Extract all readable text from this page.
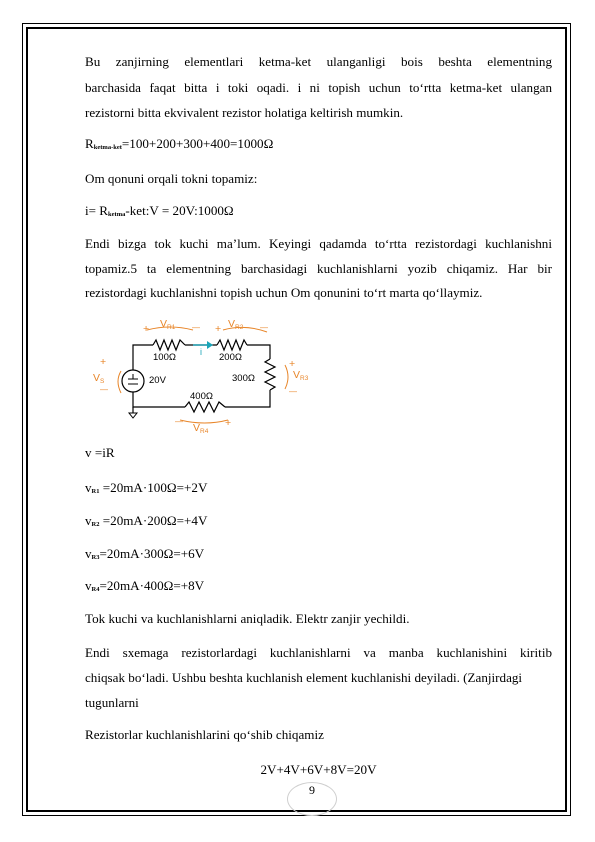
Bu zanjirning elementlari ketma-ket ulanganligi bois beshta elementning
barchasida faqat bitta i toki oqadi. i ni topish uchun to‘rtta ketma-ket ulangan
rezistorni bitta ekvivalent rezistor holatiga keltirish mumkin.
$R_{ketma-ket}=100+200+300+400=1000\Omega$
Om qonuni orqali tokni topamiz:
$i= R_{ketma}-ket:V$ = 20V:1000Ω
Endi bizga tok kuchi ma’lum. Keyingi qadamda to‘rtta rezistordagi kuchlanishni
topamiz.5 ta elementning barchasidagi kuchlanishlarni yozib chiqamiz. Har bir
rezistordagi kuchlanishni topish uchun Om qonunini to‘rt marta qo‘llaymiz.
100Ω	200Ω
300Ω
400Ω
20V
i
+	—
VR1	+	—
VR2
+
—
VS
+
—
VR3
—	+
VR4
v =iR
$v_{R1} =20mA\cdot 100\Omega=+2V$
$v_{R2} =20mA\cdot 200\Omega=+4V$
$v_{R3}=20mA\cdot 300\Omega=+6V$
$v_{R4}=20mA\cdot 400\Omega=+8V$
Tok kuchi va kuchlanishlarni aniqladik. Elektr zanjir yechildi.
Endi sxemaga rezistorlardagi kuchlanishlarni va manba kuchlanishini kiritib
chiqsak bo‘ladi. Ushbu beshta kuchlanish element kuchlanishi deyiladi. (Zanjirdagi
tugunlarni
Rezistorlar kuchlanishlarini qo‘shib chiqamiz
2V+4V+6V+8V=20V
9
